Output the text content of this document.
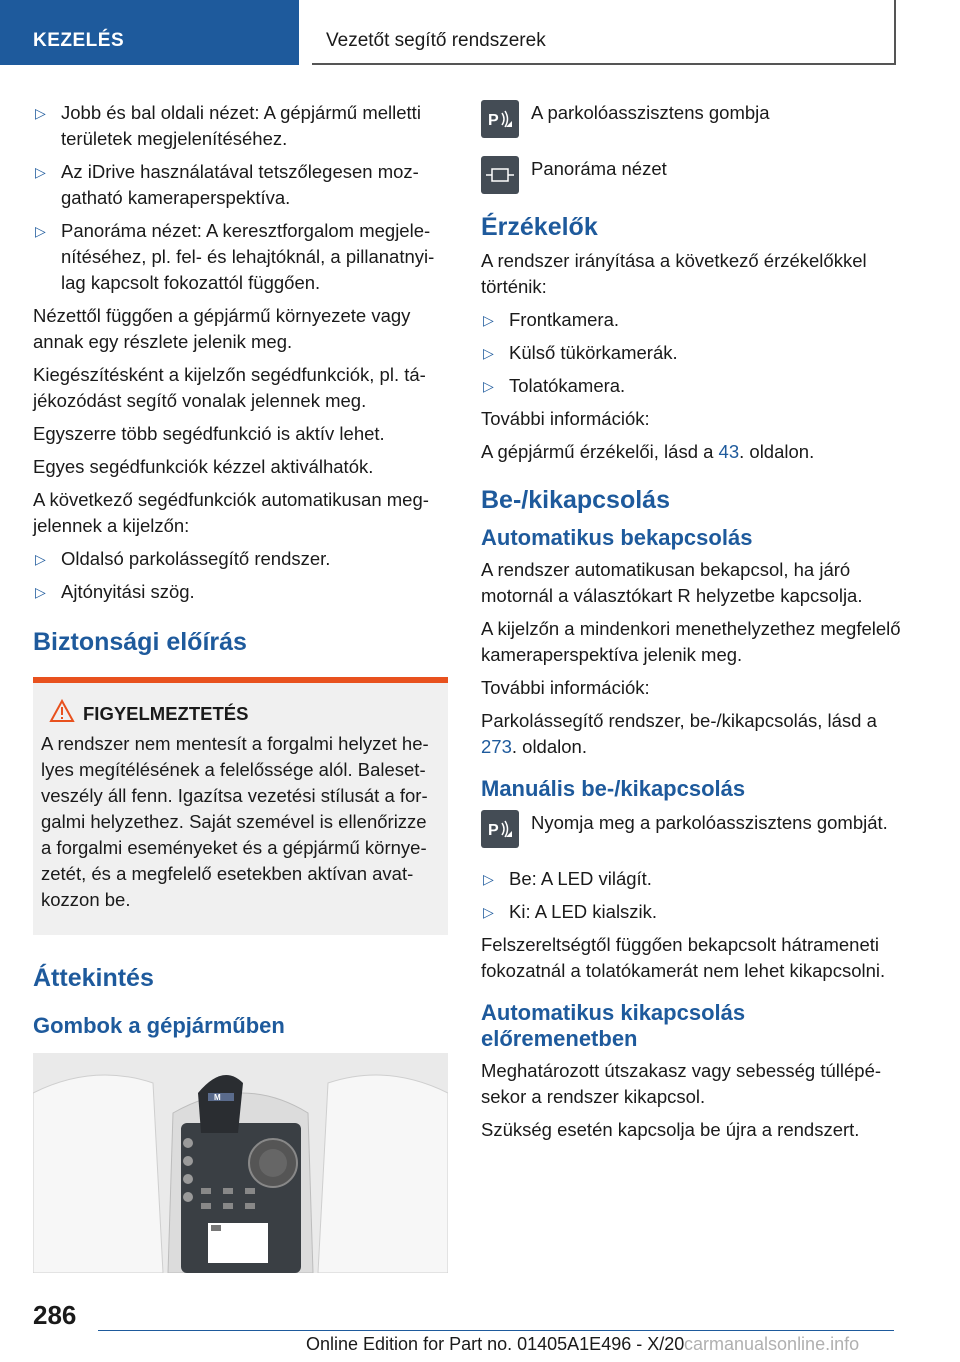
KEZELÉS	Vezetőt segítő rendszerek
▷ Jobb és bal oldali nézet: A gépjármű melletti területek megjelenítéséhez.
▷ Az iDrive használatával tetszőlegesen mozgatható kameraperspektíva.
▷ Panoráma nézet: A keresztforgalom megjelenítéséhez, pl. fel- és lehajtóknál, a pillanatnyilag kapcsolt fokozattól függően.

Nézettől függően a gépjármű környezete vagy annak egy részlete jelenik meg.

Kiegészítésként a kijelzőn segédfunkciók, pl. tájékozódást segítő vonalak jelennek meg.

Egyszerre több segédfunkció is aktív lehet.

Egyes segédfunkciók kézzel aktiválhatók.

A következő segédfunkciók automatikusan megjelennek a kijelzőn:

▷ Oldalsó parkolássegítő rendszer.
▷ Ajtónyitási szög.
Biztonsági előírás
FIGYELMEZTETÉS

A rendszer nem mentesít a forgalmi helyzet helyes megítélésének a felelőssége alól. Balesetveszély áll fenn. Igazítsa vezetési stílusát a forgalmi helyzethez. Saját szemével is ellenőrizze a forgalmi eseményeket és a gépjármű környezetét, és a megfelelő esetekben aktívan avatkozzon be.

Áttekintés
Gombok a gépjárműben
M
P A parkolóasszisztens gombja
Panoráma nézet
Érzékelők

A rendszer irányítása a következő érzékelőkkel történik:

▷ Frontkamera.
▷ Külső tükörkamerák.
▷ Tolatókamera.

További információk:

A gépjármű érzékelői, lásd a 43. oldalon.

Be-/kikapcsolás
Automatikus bekapcsolás

A rendszer automatikusan bekapcsol, ha járó motornál a választókart R helyzetbe kapcsolja.

A kijelzőn a mindenkori menethelyzethez megfelelő kameraperspektíva jelenik meg.

További információk:

Parkolássegítő rendszer, be-/kikapcsolás, lásd a 273. oldalon.

Manuális be-/kikapcsolás
P Nyomja meg a parkolóasszisztens gombját.
▷ Be: A LED világít.
▷ Ki: A LED kialszik.

Felszereltségtől függően bekapcsolt hátrameneti fokozatnál a tolatókamerát nem lehet kikapcsolni.

Automatikus kikapcsolás előremenetben

Meghatározott útszakasz vagy sebesség túllépésekor a rendszer kikapcsol.

Szükség esetén kapcsolja be újra a rendszert.

286
Online Edition for Part no. 01405A1E496 - X/20 carmanualsonline.info
